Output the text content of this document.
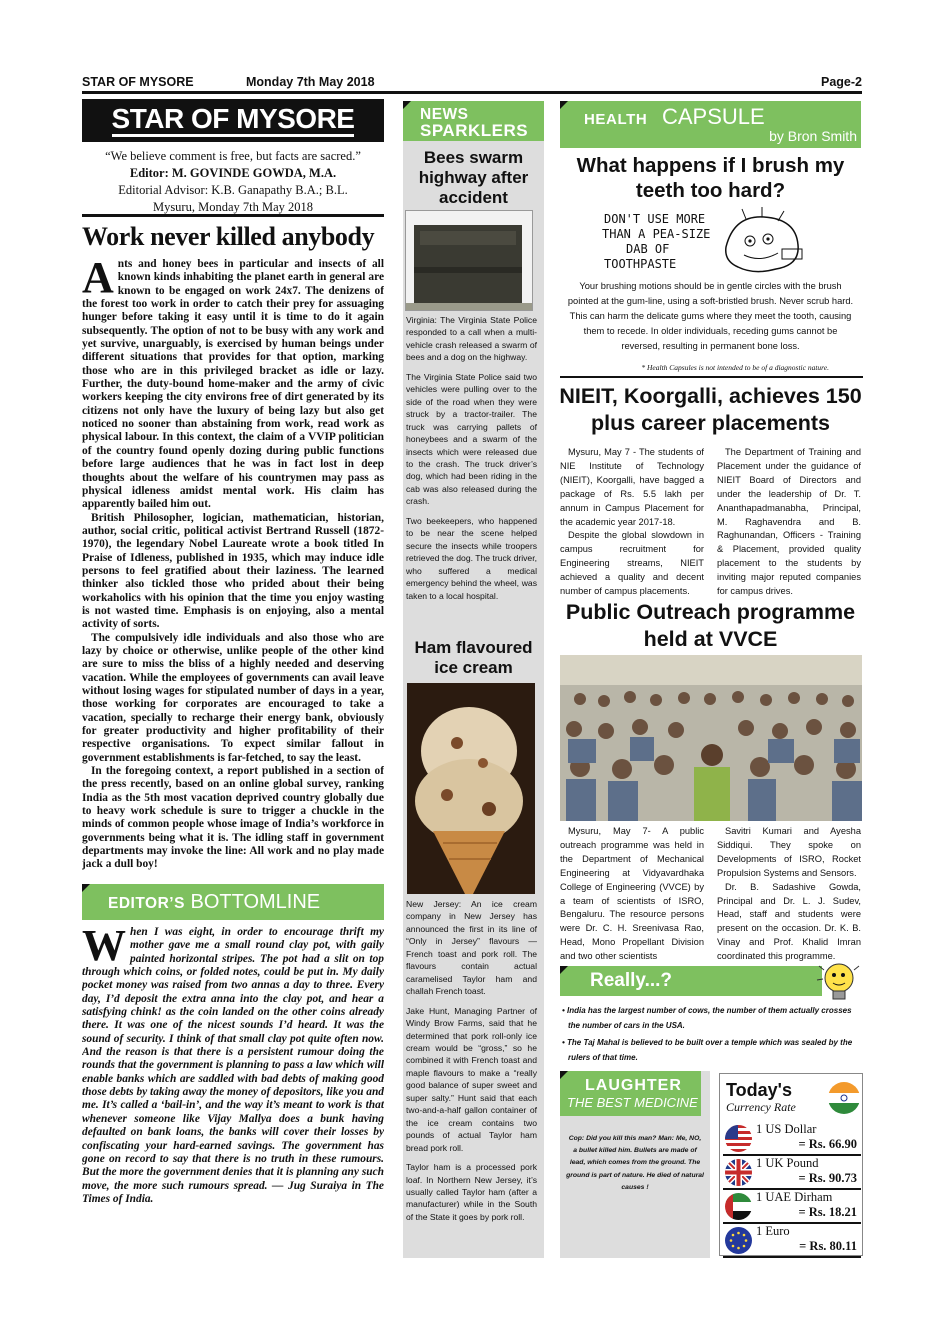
STAR OF MYSORE	Monday 7th May 2018	Page-2
STAR OF MYSORE
“We believe comment is free, but facts are sacred.”
Editor: M. GOVINDE GOWDA, M.A.
Editorial Advisor: K.B. Ganapathy B.A.; B.L.
Mysuru, Monday 7th May 2018
Work never killed anybody

Ants and honey bees in particular and insects of all known kinds inhabiting the planet earth in general are known to be engaged on work 24x7. The denizens of the forest too work in order to catch their prey for assuaging hunger before taking it easy until it is time to do it again subsequently. The option of not to be busy with any work and yet survive, unarguably, is exercised by human beings under different situations that provides for that option, marking those who are in this privileged bracket as idle or lazy. Further, the duty-bound home-maker and the army of civic workers keeping the city environs free of dirt generated by its citizens not only have the luxury of being lazy but also get noticed no sooner than abstaining from work, read work as physical labour. In this context, the claim of a VVIP politician of the country found openly dozing during public functions before large audiences that he was in fact lost in deep thoughts about the welfare of his countrymen may pass as physical idleness amidst mental work. His claim has apparently bailed him out.

British Philosopher, logician, mathematician, historian, author, social critic, political activist Bertrand Russell (1872-1970), the legendary Nobel Laureate wrote a book titled In Praise of Idleness, published in 1935, which may induce idle persons to feel gratified about their laziness. The learned thinker also tickled those who prided about their being workaholics with his opinion that the time you enjoy wasting is not wasted time. Emphasis is on enjoying, also a mental activity of sorts.

The compulsively idle individuals and also those who are lazy by choice or otherwise, unlike people of the other kind are sure to miss the bliss of a highly needed and deserving vacation. While the employees of governments can avail leave without losing wages for stipulated number of days in a year, those working for corporates are encouraged to take a vacation, specially to recharge their energy bank, obviously for greater productivity and higher profitability of their respective organisations. To expect similar fallout in government establishments is far-fetched, to say the least.

In the foregoing context, a report published in a section of the press recently, based on an online global survey, ranking India as the 5th most vacation deprived country globally due to heavy work schedule is sure to trigger a chuckle in the minds of common people whose image of India’s workforce in governments being what it is. The idling staff in government departments may invoke the line: All work and no play made jack a dull boy!

EDITOR’S BOTTOMLINE

When I was eight, in order to encourage thrift my mother gave me a small round clay pot, with gaily painted horizontal stripes. The pot had a slit on top through which coins, or folded notes, could be put in. My daily pocket money was raised from two annas a day to three. Every day, I’d deposit the extra anna into the clay pot, and hear a satisfying chink! as the coin landed on the other coins already there. It was one of the nicest sounds I’d heard. It was the sound of security. I think of that small clay pot quite often now. And the reason is that there is a persistent rumour doing the rounds that the government is planning to pass a law which will enable banks which are saddled with bad debts of making good those debts by taking away the money of depositors, like you and me. It’s called a ‘bail-in’, and the way it’s meant to work is that whenever someone like Vijay Mallya does a bunk having defaulted on bank loans, the banks will cover their losses by confiscating your hard-earned savings. The government has gone on record to say that there is no truth in these rumours. But the more the government denies that it is planning any such move, the more such rumours spread. — Jug Suraiya in The Times of India.

NEWS
SPARKLERS
Bees swarm highway after accident

Virginia: The Virginia State Police responded to a call when a multi-vehicle crash released a swarm of bees and a dog on the highway.

The Virginia State Police said two vehicles were pulling over to the side of the road when they were struck by a tractor-trailer. The truck was carrying pallets of honeybees and a swarm of the insects which were released due to the crash. The truck driver’s dog, which had been riding in the cab was also released during the crash.

Two beekeepers, who happened to be near the scene helped secure the insects while troopers retrieved the dog. The truck driver, who suffered a medical emergency behind the wheel, was taken to a local hospital.

Ham flavoured ice cream

New Jersey: An ice cream company in New Jersey has announced the first in its line of “Only in Jersey” flavours — French toast and pork roll. The flavours contain actual caramelised Taylor ham and challah French toast.

Jake Hunt, Managing Partner of Windy Brow Farms, said that he determined that pork roll-only ice cream would be “gross,” so he combined it with French toast and maple flavours to make a “really good balance of super sweet and super salty.” Hunt said that each two-and-a-half gallon container of the ice cream contains two pounds of actual Taylor ham bread pork roll.

Taylor ham is a processed pork loaf. In Northern New Jersey, it’s usually called Taylor ham (after a manufacturer) while in the South of the State it goes by pork roll.

HEALTH CAPSULE
by Bron Smith
What happens if I brush my teeth too hard?
DON'T USE MORE
THAN A PEA-SIZE
DAB OF
TOOTHPASTE
Your brushing motions should be in gentle circles with the brush pointed at the gum-line, using a soft-bristled brush. Never scrub hard. This can harm the delicate gums where they meet the tooth, causing them to recede. In older individuals, receding gums cannot be reversed, resulting in permanent bone loss.
* Health Capsules is not intended to be of a diagnostic nature.
NIEIT, Koorgalli, achieves 150 plus career placements

Mysuru, May 7 - The students of NIE Institute of Technology (NIEIT), Koorgalli, have bagged a package of Rs. 5.5 lakh per annum in Campus Placement for the academic year 2017-18.

Despite the global slowdown in campus recruitment for Engineering streams, NIEIT achieved a quality and decent number of campus placements.

The Department of Training and Placement under the guidance of NIEIT Board of Directors and under the leadership of Dr. T. Ananthapadmanabha, Principal, M. Raghavendra and B. Raghunandan, Officers - Training & Placement, provided quality placement to the students by inviting major reputed companies for campus drives.

Public Outreach programme held at VVCE

Mysuru, May 7- A public outreach programme was held in the Department of Mechanical Engineering at Vidyavardhaka College of Engineering (VVCE) by a team of scientists of ISRO, Bengaluru. The resource persons were Dr. C. H. Sreenivasa Rao, Head, Mono Propellant Division and two other scientists

Savitri Kumari and Ayesha Siddiqui. They spoke on Developments of ISRO, Rocket Propulsion Systems and Sensors.

Dr. B. Sadashive Gowda, Principal and Dr. L. J. Sudev, Head, staff and students were present on the occasion. Dr. K. B. Vinay and Prof. Khalid Imran coordinated this programme.

Really...?
• India has the largest number of cows, the number of them actually crosses the number of cars in the USA.
• The Taj Mahal is believed to be built over a temple which was sealed by the rulers of that time.
LAUGHTER
THE BEST MEDICINE
Cop: Did you kill this man? Man: Me, NO, a bullet killed him. Bullets are made of lead, which comes from the ground. The ground is part of nature. He died of natural causes !
Today's
Currency Rate
1 US Dollar
= Rs. 66.90
1 UK Pound
= Rs. 90.73
1 UAE Dirham
= Rs. 18.21
1 Euro
= Rs. 80.11
